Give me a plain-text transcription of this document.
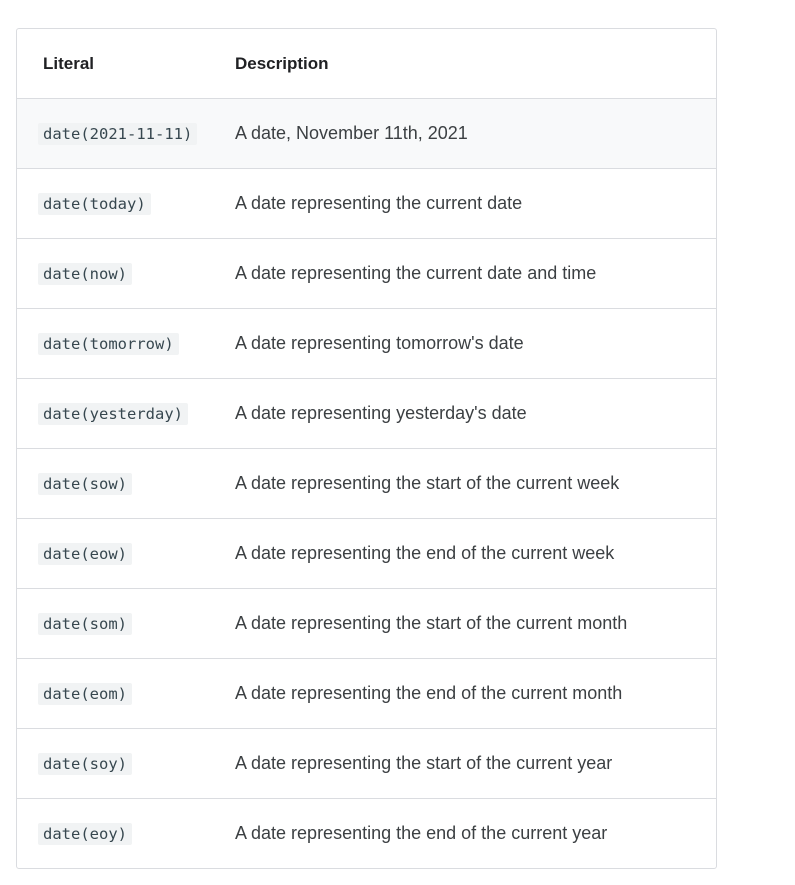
Literal	Description
date(2021-11-11)	A date, November 11th, 2021
date(today)	A date representing the current date
date(now)	A date representing the current date and time
date(tomorrow)	A date representing tomorrow's date
date(yesterday)	A date representing yesterday's date
date(sow)	A date representing the start of the current week
date(eow)	A date representing the end of the current week
date(som)	A date representing the start of the current month
date(eom)	A date representing the end of the current month
date(soy)	A date representing the start of the current year
date(eoy)	A date representing the end of the current year
